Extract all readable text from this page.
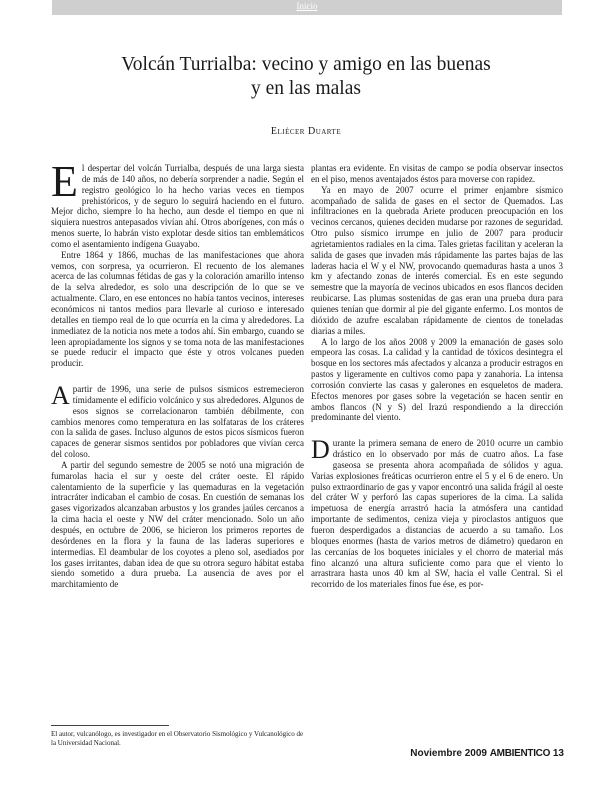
Inicio
Volcán Turrialba: vecino y amigo en las buenas
y en las malas
Eliécer Duarte

El despertar del volcán Turrialba, después de una larga siesta de más de 140 años, no debería sorprender a nadie. Según el registro geológico lo ha hecho varias veces en tiempos prehistóricos, y de seguro lo seguirá haciendo en el futuro. Mejor dicho, siempre lo ha hecho, aun desde el tiempo en que ni siquiera nuestros antepasados vivían ahí. Otros aborígenes, con más o menos suerte, lo habrán visto explotar desde sitios tan emblemáticos como el asentamiento indígena Guayabo.

Entre 1864 y 1866, muchas de las manifestaciones que ahora vemos, con sorpresa, ya ocurrieron. El recuento de los alemanes acerca de las columnas fétidas de gas y la coloración amarillo intenso de la selva alrededor, es solo una descripción de lo que se ve actualmente. Claro, en ese entonces no había tantos vecinos, intereses económicos ni tantos medios para llevarle al curioso e interesado detalles en tiempo real de lo que ocurría en la cima y alrededores. La inmediatez de la noticia nos mete a todos ahí. Sin embargo, cuando se leen apropiadamente los signos y se toma nota de las manifestaciones se puede reducir el impacto que éste y otros volcanes pueden producir.

Apartir de 1996, una serie de pulsos sísmicos estremecieron tímidamente el edificio volcánico y sus alrededores. Algunos de esos signos se correlacionaron también débilmente, con cambios menores como temperatura en las solfataras de los cráteres con la salida de gases. Incluso algunos de estos picos sísmicos fueron capaces de generar sismos sentidos por pobladores que vivían cerca del coloso.

A partir del segundo semestre de 2005 se notó una migración de fumarolas hacia el sur y oeste del cráter oeste. El rápido calentamiento de la superficie y las quemaduras en la vegetación intracráter indicaban el cambio de cosas. En cuestión de semanas los gases vigorizados alcanzaban arbustos y los grandes jaúles cercanos a la cima hacia el oeste y NW del cráter mencionado. Solo un año después, en octubre de 2006, se hicieron los primeros reportes de desórdenes en la flora y la fauna de las laderas superiores e intermedias. El deambular de los coyotes a pleno sol, asediados por los gases irritantes, daban idea de que su otrora seguro hábitat estaba siendo sometido a dura prueba. La ausencia de aves por el marchitamiento de

plantas era evidente. En visitas de campo se podía observar insectos en el piso, menos aventajados éstos para moverse con rapidez.

Ya en mayo de 2007 ocurre el primer enjambre sísmico acompañado de salida de gases en el sector de Quemados. Las infiltraciones en la quebrada Ariete producen preocupación en los vecinos cercanos, quienes deciden mudarse por razones de seguridad. Otro pulso sísmico irrumpe en julio de 2007 para producir agrietamientos radiales en la cima. Tales grietas facilitan y aceleran la salida de gases que invaden más rápidamente las partes bajas de las laderas hacia el W y el NW, provocando quemaduras hasta a unos 3 km y afectando zonas de interés comercial. Es en este segundo semestre que la mayoría de vecinos ubicados en esos flancos deciden reubicarse. Las plumas sostenidas de gas eran una prueba dura para quienes tenían que dormir al pie del gigante enfermo. Los montos de dióxido de azufre escalaban rápidamente de cientos de toneladas diarias a miles.

A lo largo de los años 2008 y 2009 la emanación de gases solo empeora las cosas. La calidad y la cantidad de tóxicos desintegra el bosque en los sectores más afectados y alcanza a producir estragos en pastos y ligeramente en cultivos como papa y zanahoria. La intensa corrosión convierte las casas y galerones en esqueletos de madera. Efectos menores por gases sobre la vegetación se hacen sentir en ambos flancos (N y S) del Irazú respondiendo a la dirección predominante del viento.

Durante la primera semana de enero de 2010 ocurre un cambio drástico en lo observado por más de cuatro años. La fase gaseosa se presenta ahora acompañada de sólidos y agua. Varias explosiones freáticas ocurrieron entre el 5 y el 6 de enero. Un pulso extraordinario de gas y vapor encontró una salida frágil al oeste del cráter W y perforó las capas superiores de la cima. La salida impetuosa de energía arrastró hacia la atmósfera una cantidad importante de sedimentos, ceniza vieja y piroclastos antiguos que fueron desperdigados a distancias de acuerdo a su tamaño. Los bloques enormes (hasta de varios metros de diámetro) quedaron en las cercanías de los boquetes iniciales y el chorro de material más fino alcanzó una altura suficiente como para que el viento lo arrastrara hasta unos 40 km al SW, hacia el valle Central. Si el recorrido de los materiales finos fue ése, es por-

El autor, vulcanólogo, es investigador en el Observatorio Sismológico y Vulcanológico de la Universidad Nacional.
Noviembre 2009 AMBIENTICO 13
